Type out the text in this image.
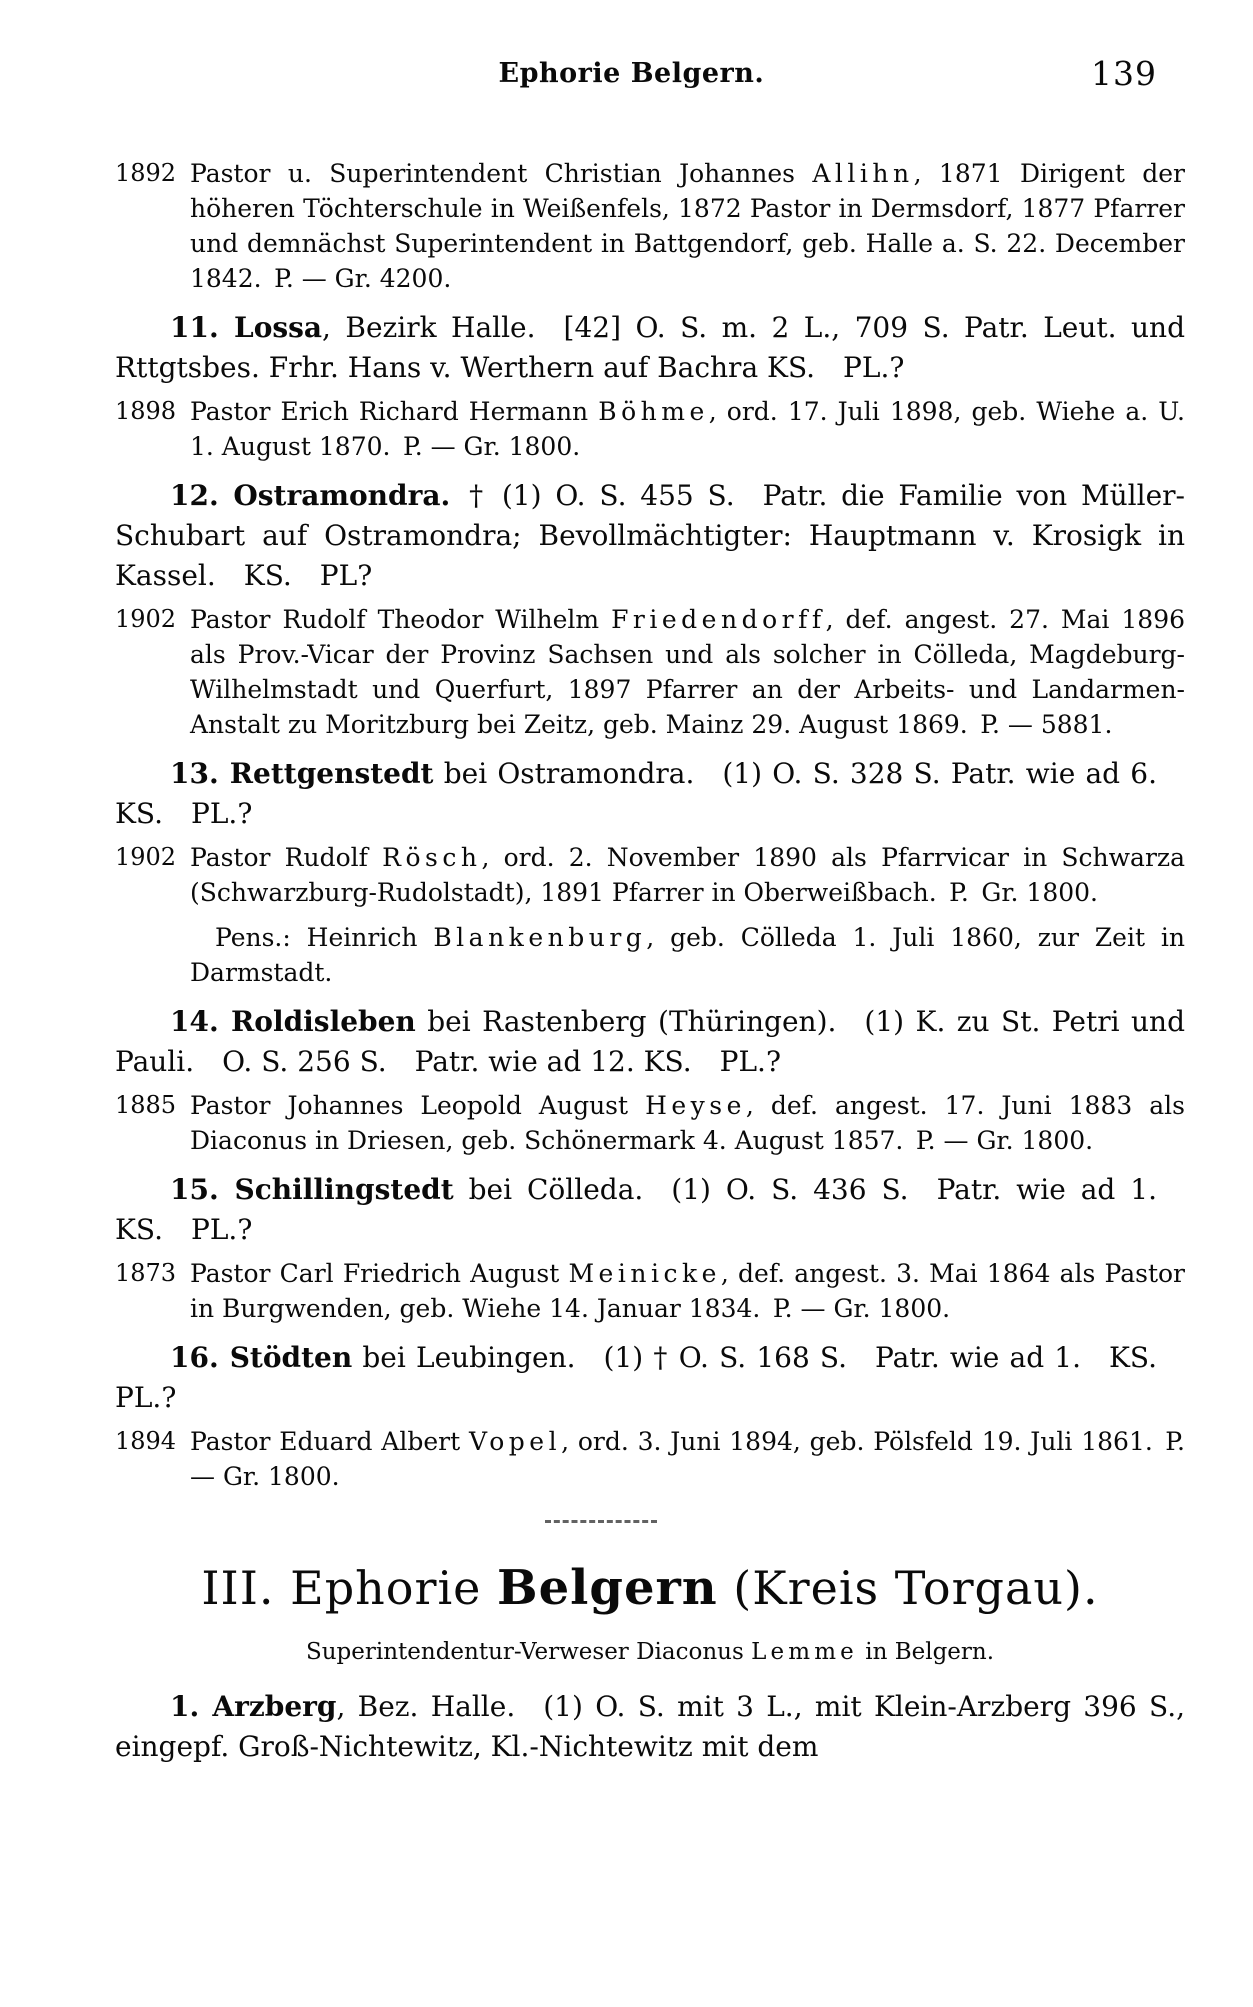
Ephorie Belgern.	139
1892 Pastor u. Superintendent Christian Johannes Allihn, 1871 Dirigent der höheren Töchterschule in Weißenfels, 1872 Pastor in Dermsdorf, 1877 Pfarrer und demnächst Superintendent in Battgendorf, geb. Halle a. S. 22. December 1842. P. — Gr. 4200.

11. Lossa, Bezirk Halle. [42] O. S. m. 2 L., 709 S. Patr. Leut. und Rttgtsbes. Frhr. Hans v. Werthern auf Bachra KS. PL.?

1898 Pastor Erich Richard Hermann Böhme, ord. 17. Juli 1898, geb. Wiehe a. U. 1. August 1870. P. — Gr. 1800.

12. Ostramondra. † (1) O. S. 455 S. Patr. die Familie von Müller-Schubart auf Ostramondra; Bevollmächtigter: Hauptmann v. Krosigk in Kassel. KS. PL?

1902 Pastor Rudolf Theodor Wilhelm Friedendorff, def. angest. 27. Mai 1896 als Prov.-Vicar der Provinz Sachsen und als solcher in Cölleda, Magdeburg-Wilhelmstadt und Querfurt, 1897 Pfarrer an der Arbeits- und Landarmen-Anstalt zu Moritzburg bei Zeitz, geb. Mainz 29. August 1869. P. — 5881.

13. Rettgenstedt bei Ostramondra. (1) O. S. 328 S. Patr. wie ad 6. KS. PL.?

1902 Pastor Rudolf Rösch, ord. 2. November 1890 als Pfarrvicar in Schwarza (Schwarzburg-Rudolstadt), 1891 Pfarrer in Oberweißbach. P. Gr. 1800.

Pens.: Heinrich Blankenburg, geb. Cölleda 1. Juli 1860, zur Zeit in Darmstadt.

14. Roldisleben bei Rastenberg (Thüringen). (1) K. zu St. Petri und Pauli. O. S. 256 S. Patr. wie ad 12. KS. PL.?

1885 Pastor Johannes Leopold August Heyse, def. angest. 17. Juni 1883 als Diaconus in Driesen, geb. Schönermark 4. August 1857. P. — Gr. 1800.

15. Schillingstedt bei Cölleda. (1) O. S. 436 S. Patr. wie ad 1. KS. PL.?

1873 Pastor Carl Friedrich August Meinicke, def. angest. 3. Mai 1864 als Pastor in Burgwenden, geb. Wiehe 14. Januar 1834. P. — Gr. 1800.

16. Stödten bei Leubingen. (1) † O. S. 168 S. Patr. wie ad 1. KS. PL.?

1894 Pastor Eduard Albert Vopel, ord. 3. Juni 1894, geb. Pölsfeld 19. Juli 1861. P. — Gr. 1800.
III. Ephorie Belgern (Kreis Torgau).

Superintendentur-Verweser Diaconus Lemme in Belgern.

1. Arzberg, Bez. Halle. (1) O. S. mit 3 L., mit Klein-Arzberg 396 S., eingepf. Groß-Nichtewitz, Kl.-Nichtewitz mit dem
